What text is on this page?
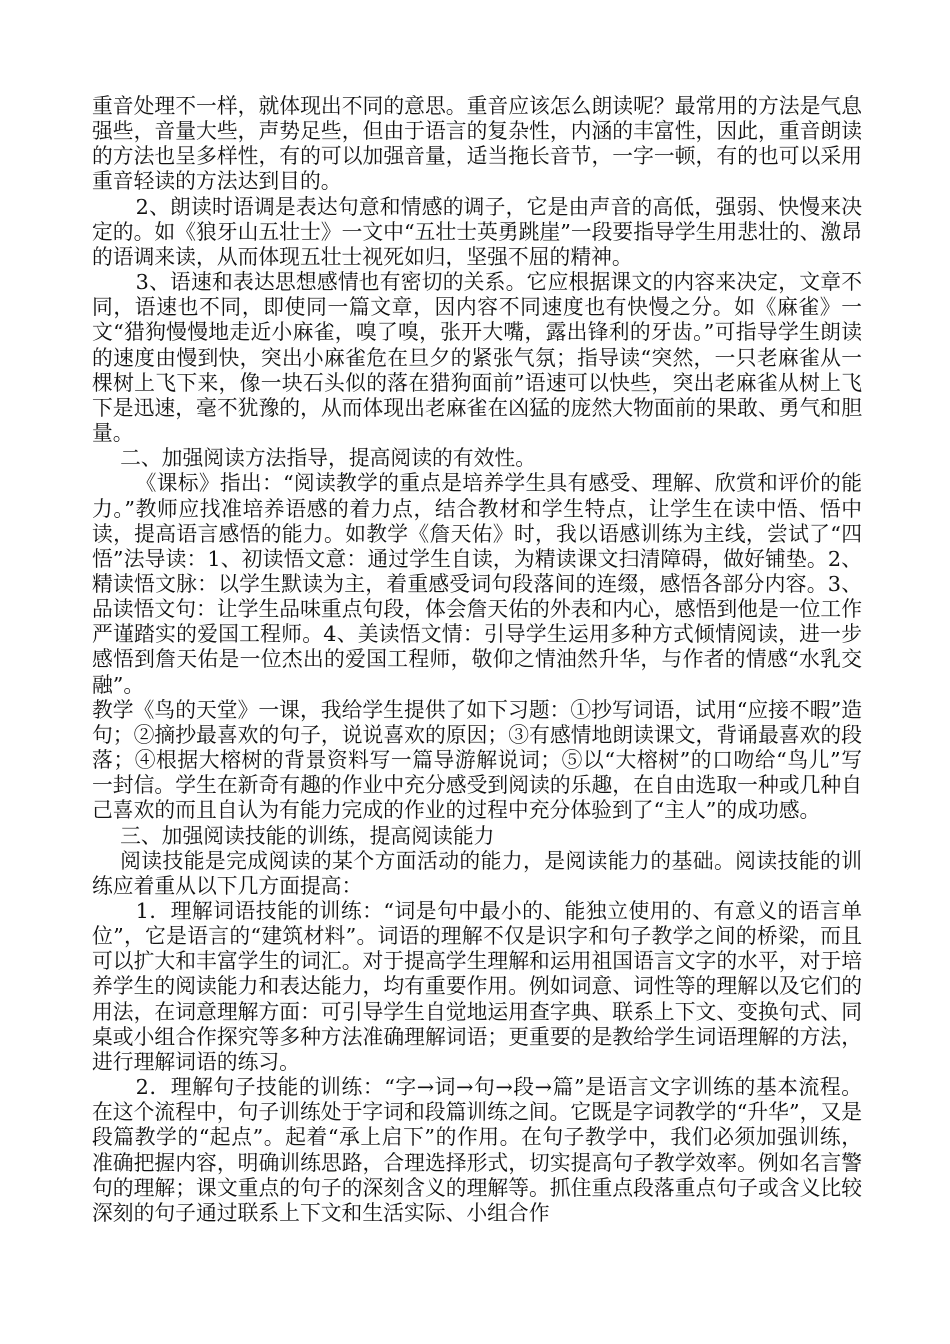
重音处理不一样，就体现出不同的意思。重音应该怎么朗读呢？最常用的方法是气息强些，音量大些，声势足些，但由于语言的复杂性，内涵的丰富性，因此，重音朗读的方法也呈多样性，有的可以加强音量，适当拖长音节，一字一顿，有的也可以采用重音轻读的方法达到目的。

2、朗读时语调是表达句意和情感的调子，它是由声音的高低，强弱、快慢来决定的。如《狼牙山五壮士》一文中“五壮士英勇跳崖”一段要指导学生用悲壮的、激昂的语调来读，从而体现五壮士视死如归，坚强不屈的精神。

3、语速和表达思想感情也有密切的关系。它应根据课文的内容来决定，文章不同，语速也不同，即使同一篇文章，因内容不同速度也有快慢之分。如《麻雀》一文“猎狗慢慢地走近小麻雀，嗅了嗅，张开大嘴，露出锋利的牙齿。”可指导学生朗读的速度由慢到快，突出小麻雀危在旦夕的紧张气氛；指导读“突然，一只老麻雀从一棵树上飞下来，像一块石头似的落在猎狗面前”语速可以快些，突出老麻雀从树上飞下是迅速，毫不犹豫的，从而体现出老麻雀在凶猛的庞然大物面前的果敢、勇气和胆量。

二、加强阅读方法指导，提高阅读的有效性。

《课标》指出：“阅读教学的重点是培养学生具有感受、理解、欣赏和评价的能力。”教师应找准培养语感的着力点，结合教材和学生特点，让学生在读中悟、悟中读，提高语言感悟的能力。如教学《詹天佑》时，我以语感训练为主线，尝试了“四悟”法导读：1、初读悟文意：通过学生自读，为精读课文扫清障碍，做好铺垫。2、精读悟文脉：以学生默读为主，着重感受词句段落间的连缀，感悟各部分内容。3、品读悟文句：让学生品味重点句段，体会詹天佑的外表和内心，感悟到他是一位工作严谨踏实的爱国工程师。4、美读悟文情：引导学生运用多种方式倾情阅读，进一步感悟到詹天佑是一位杰出的爱国工程师，敬仰之情油然升华，与作者的情感“水乳交融”。

教学《鸟的天堂》一课，我给学生提供了如下习题：①抄写词语，试用“应接不暇”造句；②摘抄最喜欢的句子，说说喜欢的原因；③有感情地朗读课文，背诵最喜欢的段落；④根据大榕树的背景资料写一篇导游解说词；⑤以“大榕树”的口吻给“鸟儿”写一封信。学生在新奇有趣的作业中充分感受到阅读的乐趣，在自由选取一种或几种自己喜欢的而且自认为有能力完成的作业的过程中充分体验到了“主人”的成功感。

三、加强阅读技能的训练，提高阅读能力

阅读技能是完成阅读的某个方面活动的能力，是阅读能力的基础。阅读技能的训练应着重从以下几方面提高：

1．理解词语技能的训练：“词是句中最小的、能独立使用的、有意义的语言单位”，它是语言的“建筑材料”。词语的理解不仅是识字和句子教学之间的桥梁，而且可以扩大和丰富学生的词汇。对于提高学生理解和运用祖国语言文字的水平，对于培养学生的阅读能力和表达能力，均有重要作用。例如词意、词性等的理解以及它们的用法，在词意理解方面：可引导学生自觉地运用查字典、联系上下文、变换句式、同桌或小组合作探究等多种方法准确理解词语；更重要的是教给学生词语理解的方法，进行理解词语的练习。

2．理解句子技能的训练：“字→词→句→段→篇”是语言文字训练的基本流程。在这个流程中，句子训练处于字词和段篇训练之间。它既是字词教学的“升华”，又是段篇教学的“起点”。起着“承上启下”的作用。在句子教学中，我们必须加强训练，准确把握内容，明确训练思路，合理选择形式，切实提高句子教学效率。例如名言警句的理解；课文重点的句子的深刻含义的理解等。抓住重点段落重点句子或含义比较深刻的句子通过联系上下文和生活实际、小组合作
